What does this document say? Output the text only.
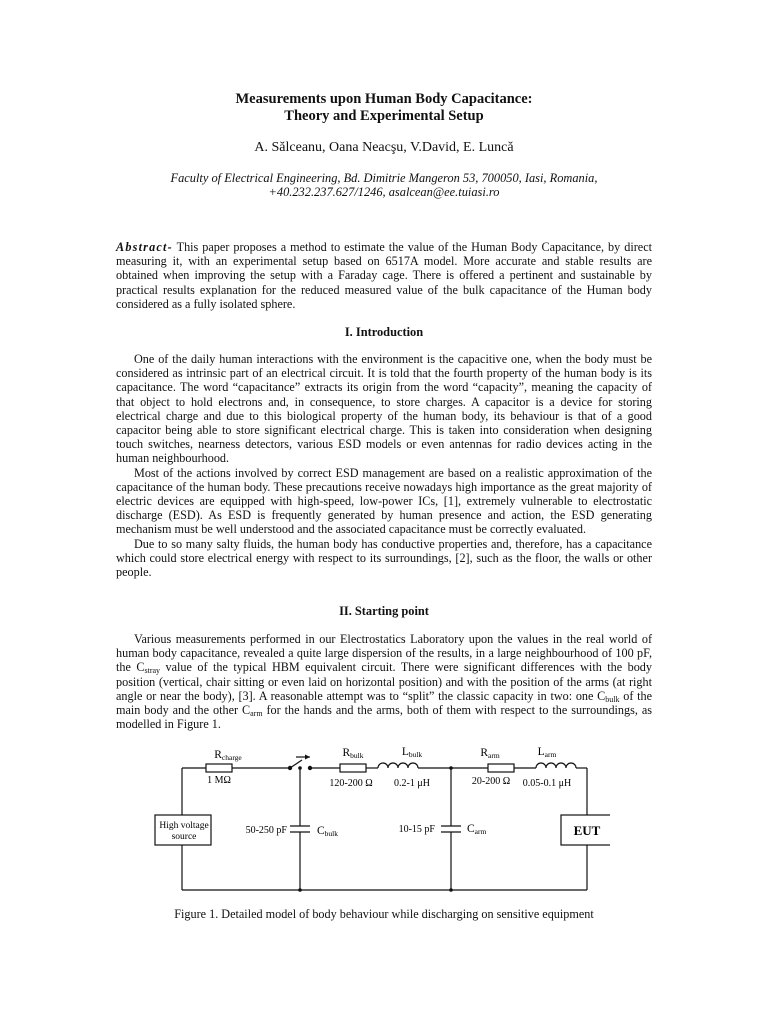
Measurements upon Human Body Capacitance:
Theory and Experimental Setup
A. Sălceanu, Oana Neacşu, V.David, E. Luncă
Faculty of Electrical Engineering, Bd. Dimitrie Mangeron 53, 700050, Iasi, Romania,
+40.232.237.627/1246, asalcean@ee.tuiasi.ro
Abstract- This paper proposes a method to estimate the value of the Human Body Capacitance, by direct measuring it, with an experimental setup based on 6517A model. More accurate and stable results are obtained when improving the setup with a Faraday cage. There is offered a pertinent and sustainable by practical results explanation for the reduced measured value of the bulk capacitance of the Human body considered as a fully isolated sphere.
I. Introduction

One of the daily human interactions with the environment is the capacitive one, when the body must be considered as intrinsic part of an electrical circuit. It is told that the fourth property of the human body is its capacitance. The word “capacitance” extracts its origin from the word “capacity”, meaning the capacity of that object to hold electrons and, in consequence, to store charges. A capacitor is a device for storing electrical charge and due to this biological property of the human body, its behaviour is that of a good capacitor being able to store significant electrical charge. This is taken into consideration when designing touch switches, nearness detectors, various ESD models or even antennas for radio devices acting in the human neighbourhood.

Most of the actions involved by correct ESD management are based on a realistic approximation of the capacitance of the human body. These precautions receive nowadays high importance as the great majority of electric devices are equipped with high-speed, low-power ICs, [1], extremely vulnerable to electrostatic discharge (ESD). As ESD is frequently generated by human presence and action, the ESD generating mechanism must be well understood and the associated capacitance must be correctly evaluated.

Due to so many salty fluids, the human body has conductive properties and, therefore, has a capacitance which could store electrical energy with respect to its surroundings, [2], such as the floor, the walls or other people.

II. Starting point

Various measurements performed in our Electrostatics Laboratory upon the values in the real world of human body capacitance, revealed a quite large dispersion of the results, in a large neighbourhood of 100 pF, the $C_{stray}$ value of the typical HBM equivalent circuit. There were significant differences with the body position (vertical, chair sitting or even laid on horizontal position) and with the position of the arms (at right angle or near the body), [3]. A reasonable attempt was to “split” the classic capacity in two: one $C_{bulk}$ of the main body and the other $C_{arm}$ for the hands and the arms, both of them with respect to the surroundings, as modelled in Figure 1.

Rcharge
1 MΩ
Rbulk
120-200 Ω
Lbulk
0.2-1 μH
Rarm
20-200 Ω
Larm
0.05-0.1 μH
High voltage
source
50-250 pF	Cbulk	10-15 pF	Carm	EUT
Figure 1. Detailed model of body behaviour while discharging on sensitive equipment
